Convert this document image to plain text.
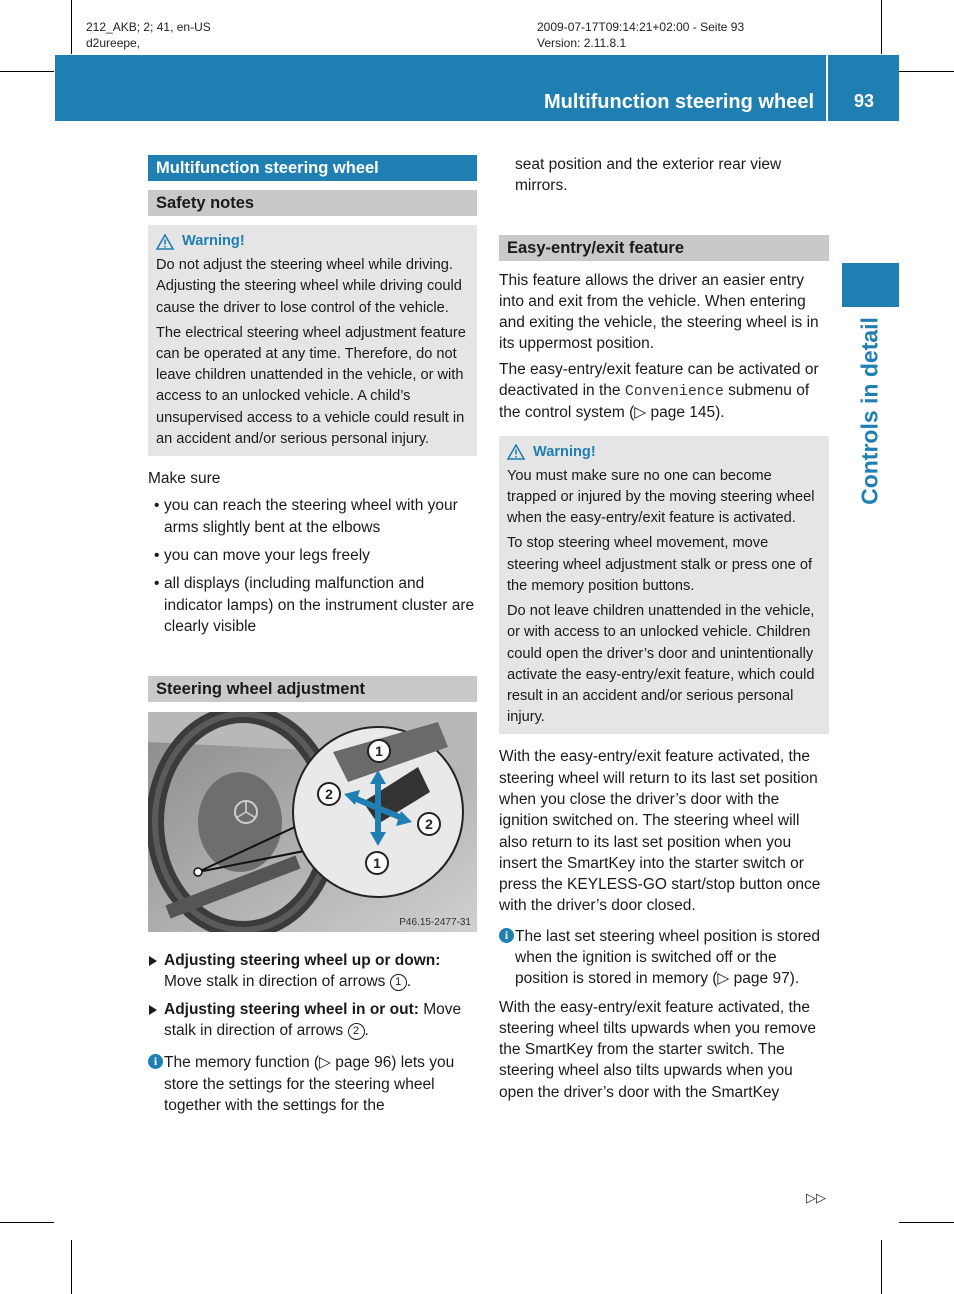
212_AKB; 2; 41, en-US
d2ureepe,
2009-07-17T09:14:21+02:00 - Seite 93
Version: 2.11.8.1
Multifunction steering wheel	93
Controls in detail
Multifunction steering wheel
Safety notes
Warning!

Do not adjust the steering wheel while driving. Adjusting the steering wheel while driving could cause the driver to lose control of the vehicle.

The electrical steering wheel adjustment feature can be operated at any time. Therefore, do not leave children unattended in the vehicle, or with access to an unlocked vehicle. A child’s unsupervised access to a vehicle could result in an accident and/or serious personal injury.

Make sure

• you can reach the steering wheel with your arms slightly bent at the elbows
• you can move your legs freely
• all displays (including malfunction and indicator lamps) on the instrument cluster are clearly visible
Steering wheel adjustment
1
2
2
1
P46.15-2477-31
Adjusting steering wheel up or down: Move stalk in direction of arrows 1 .
Adjusting steering wheel in or out: Move stalk in direction of arrows 2 .
i The memory function (▷ page 96) lets you store the settings for the steering wheel together with the settings for the

seat position and the exterior rear view mirrors.

Easy-entry/exit feature

This feature allows the driver an easier entry into and exit from the vehicle. When entering and exiting the vehicle, the steering wheel is in its uppermost position.

The easy-entry/exit feature can be activated or deactivated in the Convenience submenu of the control system (▷ page 145).

Warning!

You must make sure no one can become trapped or injured by the moving steering wheel when the easy-entry/exit feature is activated.

To stop steering wheel movement, move steering wheel adjustment stalk or press one of the memory position buttons.

Do not leave children unattended in the vehicle, or with access to an unlocked vehicle. Children could open the driver’s door and unintentionally activate the easy-entry/exit feature, which could result in an accident and/or serious personal injury.

With the easy-entry/exit feature activated, the steering wheel will return to its last set position when you close the driver’s door with the ignition switched on. The steering wheel will also return to its last set position when you insert the SmartKey into the starter switch or press the KEYLESS-GO start/stop button once with the driver’s door closed.

i The last set steering wheel position is stored when the ignition is switched off or the position is stored in memory (▷ page 97).

With the easy-entry/exit feature activated, the steering wheel tilts upwards when you remove the SmartKey from the starter switch. The steering wheel also tilts upwards when you open the driver’s door with the SmartKey

▷▷
